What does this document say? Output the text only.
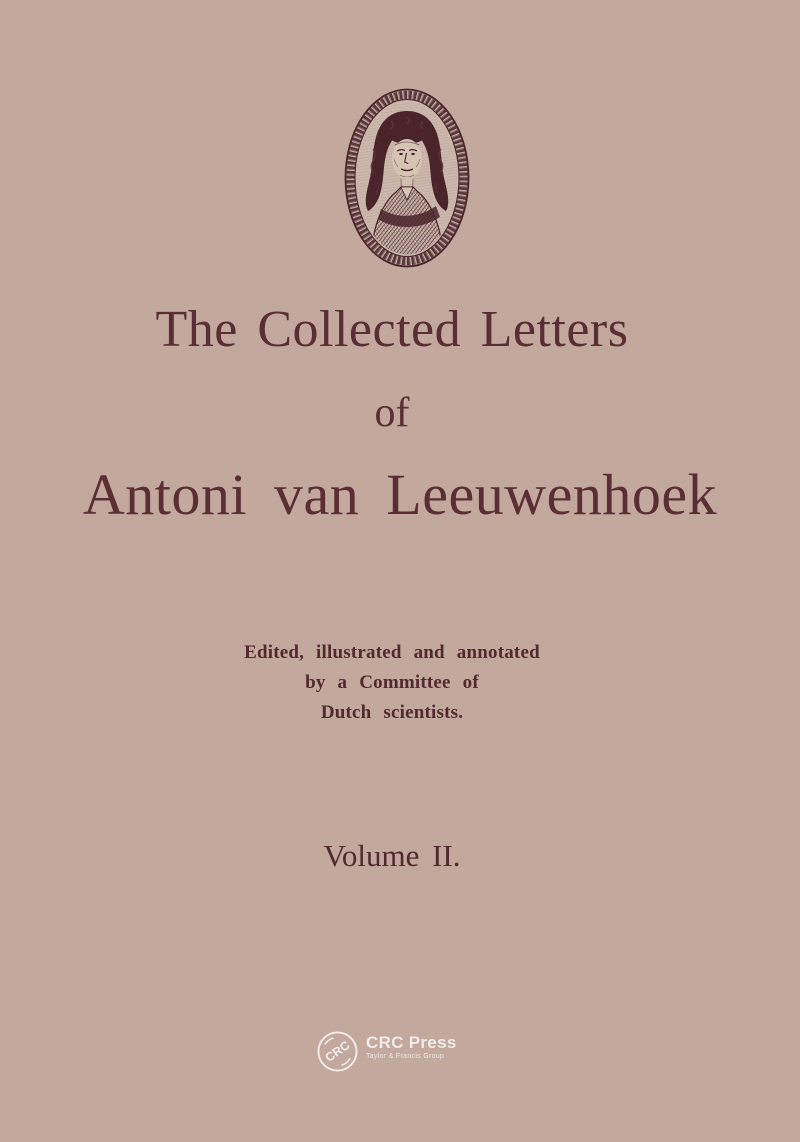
The Collected Letters
of
Antoni van Leeuwenhoek
Edited, illustrated and annotated
by a Committee of
Dutch scientists.
Volume II.
CRC CRC Press
Taylor & Francis Group
